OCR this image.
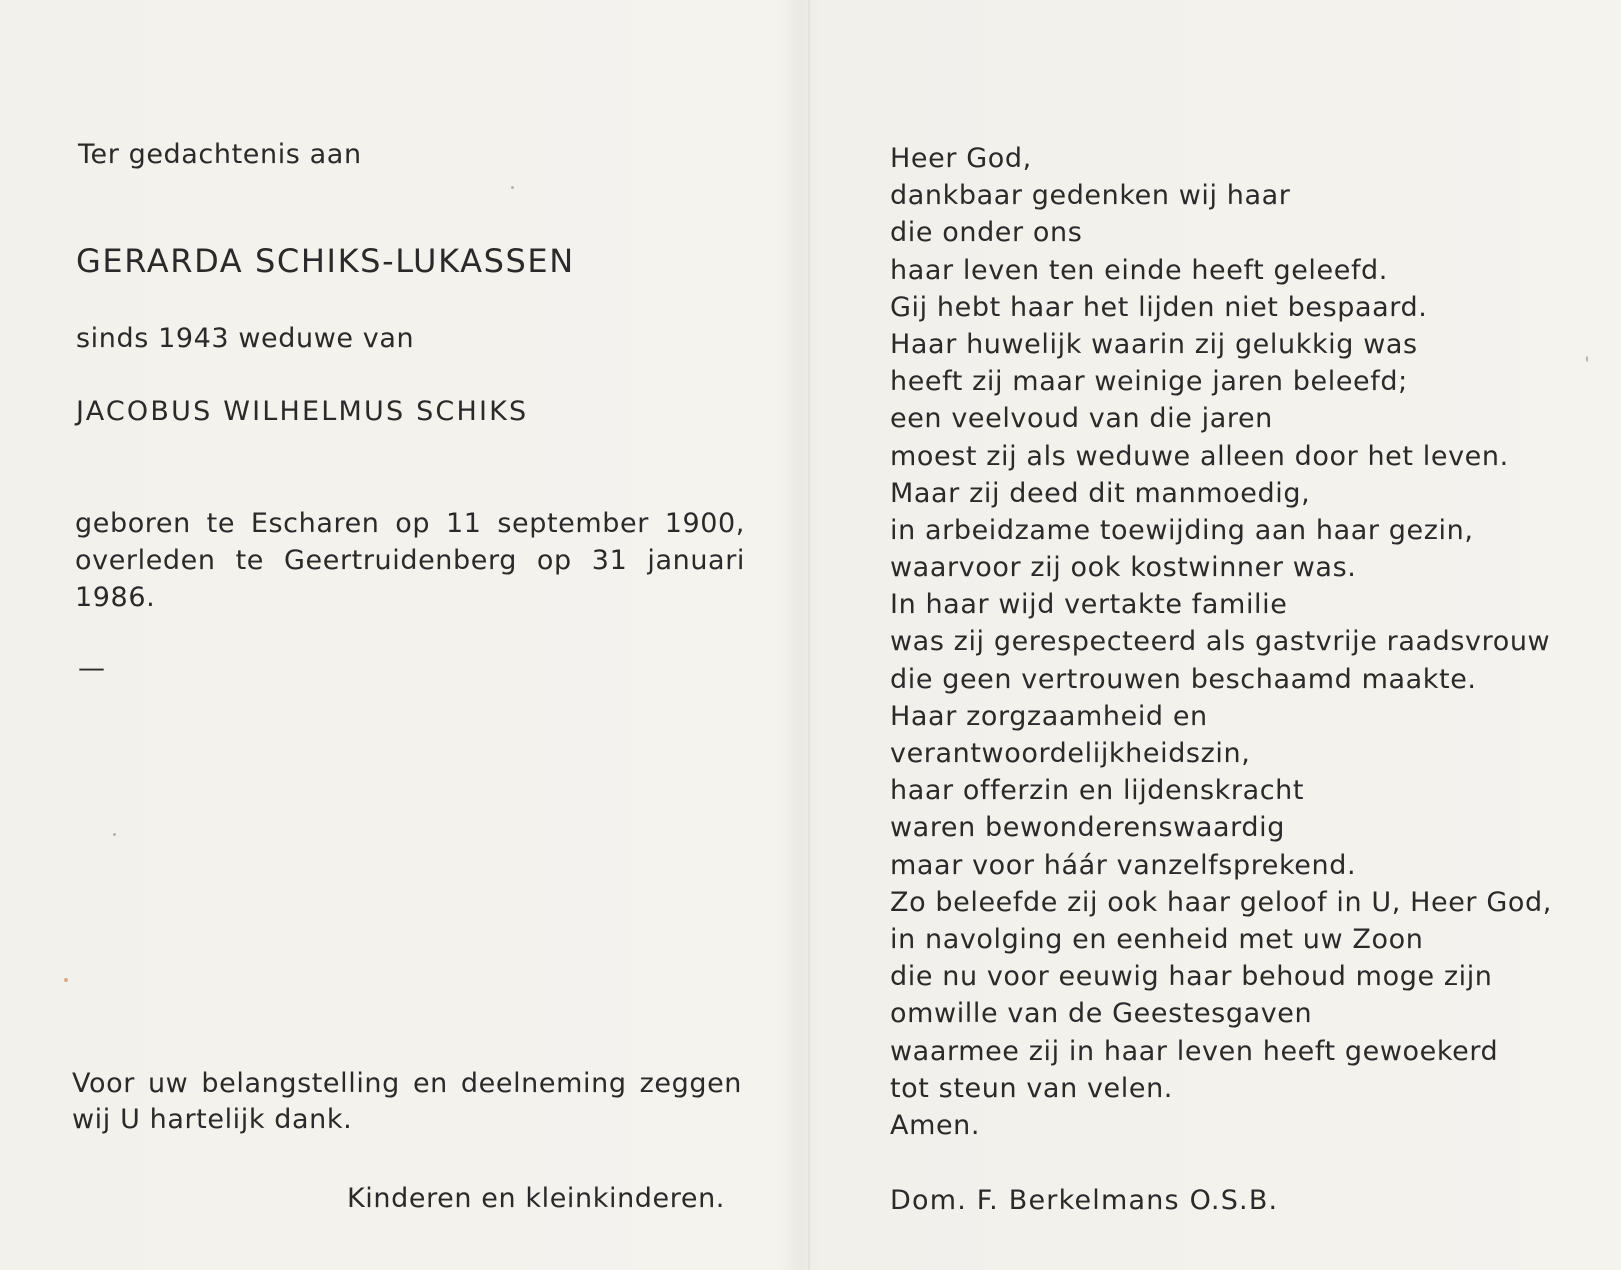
Ter gedachtenis aan

GERARDA SCHIKS-LUKASSEN

sinds 1943 weduwe van

JACOBUS WILHELMUS SCHIKS

geboren te Escharen op 11 september 1900,
overleden te Geertruidenberg op 31 januari
1986.

—

Voor uw belangstelling en deelneming zeggen
wij U hartelijk dank.

Kinderen en kleinkinderen.

Heer God,
dankbaar gedenken wij haar
die onder ons
haar leven ten einde heeft geleefd.
Gij hebt haar het lijden niet bespaard.
Haar huwelijk waarin zij gelukkig was
heeft zij maar weinige jaren beleefd;
een veelvoud van die jaren
moest zij als weduwe alleen door het leven.
Maar zij deed dit manmoedig,
in arbeidzame toewijding aan haar gezin,
waarvoor zij ook kostwinner was.
In haar wijd vertakte familie
was zij gerespecteerd als gastvrije raadsvrouw
die geen vertrouwen beschaamd maakte.
Haar zorgzaamheid en
verantwoordelijkheidszin,
haar offerzin en lijdenskracht
waren bewonderenswaardig
maar voor háár vanzelfsprekend.
Zo beleefde zij ook haar geloof in U, Heer God,
in navolging en eenheid met uw Zoon
die nu voor eeuwig haar behoud moge zijn
omwille van de Geestesgaven
waarmee zij in haar leven heeft gewoekerd
tot steun van velen.
Amen.

Dom. F. Berkelmans O.S.B.
